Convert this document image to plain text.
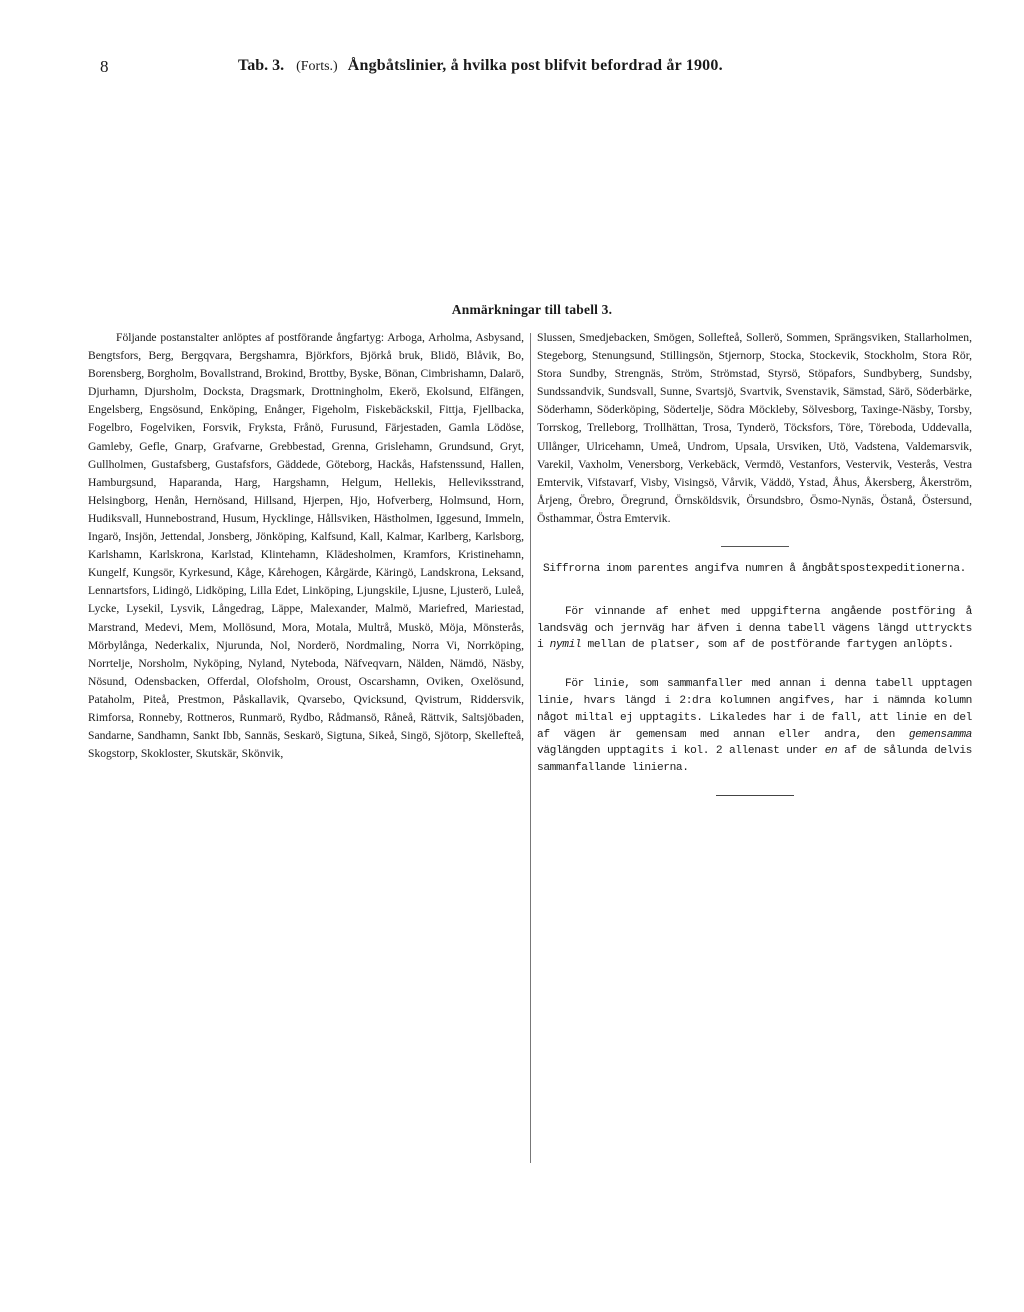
8	Tab. 3. (Forts.) Ångbåtslinier, å hvilka post blifvit befordrad år 1900.
Anmärkningar till tabell 3.
Följande postanstalter anlöptes af postförande ångfartyg: Arboga, Arholma, Asbysand, Bengtsfors, Berg, Bergqvara, Bergshamra, Björkfors, Björkå bruk, Blidö, Blåvik, Bo, Borensberg, Borgholm, Bovallstrand, Brokind, Brottby, Byske, Bönan, Cimbrishamn, Dalarö, Djurhamn, Djursholm, Docksta, Dragsmark, Drottningholm, Ekerö, Ekolsund, Elfängen, Engelsberg, Engsösund, Enköping, Enånger, Figeholm, Fiskebäckskil, Fittja, Fjellbacka, Fogelbro, Fogelviken, Forsvik, Fryksta, Frånö, Furusund, Färjestaden, Gamla Lödöse, Gamleby, Gefle, Gnarp, Grafvarne, Grebbestad, Grenna, Grislehamn, Grundsund, Gryt, Gullholmen, Gustafsberg, Gustafsfors, Gäddede, Göteborg, Hackås, Hafstenssund, Hallen, Hamburgsund, Haparanda, Harg, Hargshamn, Helgum, Hellekis, Helleviksstrand, Helsingborg, Henån, Hernösand, Hillsand, Hjerpen, Hjo, Hofverberg, Holmsund, Horn, Hudiksvall, Hunnebostrand, Husum, Hycklinge, Hållsviken, Hästholmen, Iggesund, Immeln, Ingarö, Insjön, Jettendal, Jonsberg, Jönköping, Kalfsund, Kall, Kalmar, Karlberg, Karlsborg, Karlshamn, Karlskrona, Karlstad, Klintehamn, Klädesholmen, Kramfors, Kristinehamn, Kungelf, Kungsör, Kyrkesund, Kåge, Kårehogen, Kårgärde, Käringö, Landskrona, Leksand, Lennartsfors, Lidingö, Lidköping, Lilla Edet, Linköping, Ljungskile, Ljusne, Ljusterö, Luleå, Lycke, Lysekil, Lysvik, Långedrag, Läppe, Malexander, Malmö, Mariefred, Mariestad, Marstrand, Medevi, Mem, Mollösund, Mora, Motala, Multrå, Muskö, Möja, Mönsterås, Mörbylånga, Nederkalix, Njurunda, Nol, Norderö, Nordmaling, Norra Vi, Norrköping, Norrtelje, Norsholm, Nyköping, Nyland, Nyteboda, Näfveqvarn, Nälden, Nämdö, Näsby, Nösund, Odensbacken, Offerdal, Olofsholm, Oroust, Oscarshamn, Oviken, Oxelösund, Pataholm, Piteå, Prestmon, Påskallavik, Qvarsebo, Qvicksund, Qvistrum, Riddersvik, Rimforsa, Ronneby, Rottneros, Runmarö, Rydbo, Rådmansö, Råneå, Rättvik, Saltsjöbaden, Sandarne, Sandhamn, Sankt Ibb, Sannäs, Seskarö, Sigtuna, Sikeå, Singö, Sjötorp, Skellefteå, Skogstorp, Skokloster, Skutskär, Skönvik,
Slussen, Smedjebacken, Smögen, Sollefteå, Sollerö, Sommen, Sprängsviken, Stallarholmen, Stegeborg, Stenungsund, Stillingsön, Stjernorp, Stocka, Stockevik, Stockholm, Stora Rör, Stora Sundby, Strengnäs, Ström, Strömstad, Styrsö, Stöpafors, Sundbyberg, Sundsby, Sundssandvik, Sundsvall, Sunne, Svartsjö, Svartvik, Svenstavik, Sämstad, Särö, Söderbärke, Söderhamn, Söderköping, Södertelje, Södra Möckleby, Sölvesborg, Taxinge-Näsby, Torsby, Torrskog, Trelleborg, Trollhättan, Trosa, Tynderö, Töcksfors, Töre, Töreboda, Uddevalla, Ullånger, Ulricehamn, Umeå, Undrom, Upsala, Ursviken, Utö, Vadstena, Valdemarsvik, Varekil, Vaxholm, Venersborg, Verkebäck, Vermdö, Vestanfors, Vestervik, Vesterås, Vestra Emtervik, Vifstavarf, Visby, Visingsö, Vårvik, Väddö, Ystad, Åhus, Åkersberg, Åkerström, Årjeng, Örebro, Öregrund, Örnsköldsvik, Örsundsbro, Ösmo-Nynäs, Östanå, Östersund, Östhammar, Östra Emtervik.
Siffrorna inom parentes angifva numren å ångbåtspostexpeditionerna.
För vinnande af enhet med uppgifterna angående postföring å landsväg och jernväg har äfven i denna tabell vägens längd uttryckts i nymil mellan de platser, som af de postförande fartygen anlöpts.
För linie, som sammanfaller med annan i denna tabell upptagen linie, hvars längd i 2:dra kolumnen angifves, har i nämnda kolumn något miltal ej upptagits. Likaledes har i de fall, att linie en del af vägen är gemensam med annan eller andra, den gemensamma väglängden upptagits i kol. 2 allenast under en af de sålunda delvis sammanfallande linierna.
